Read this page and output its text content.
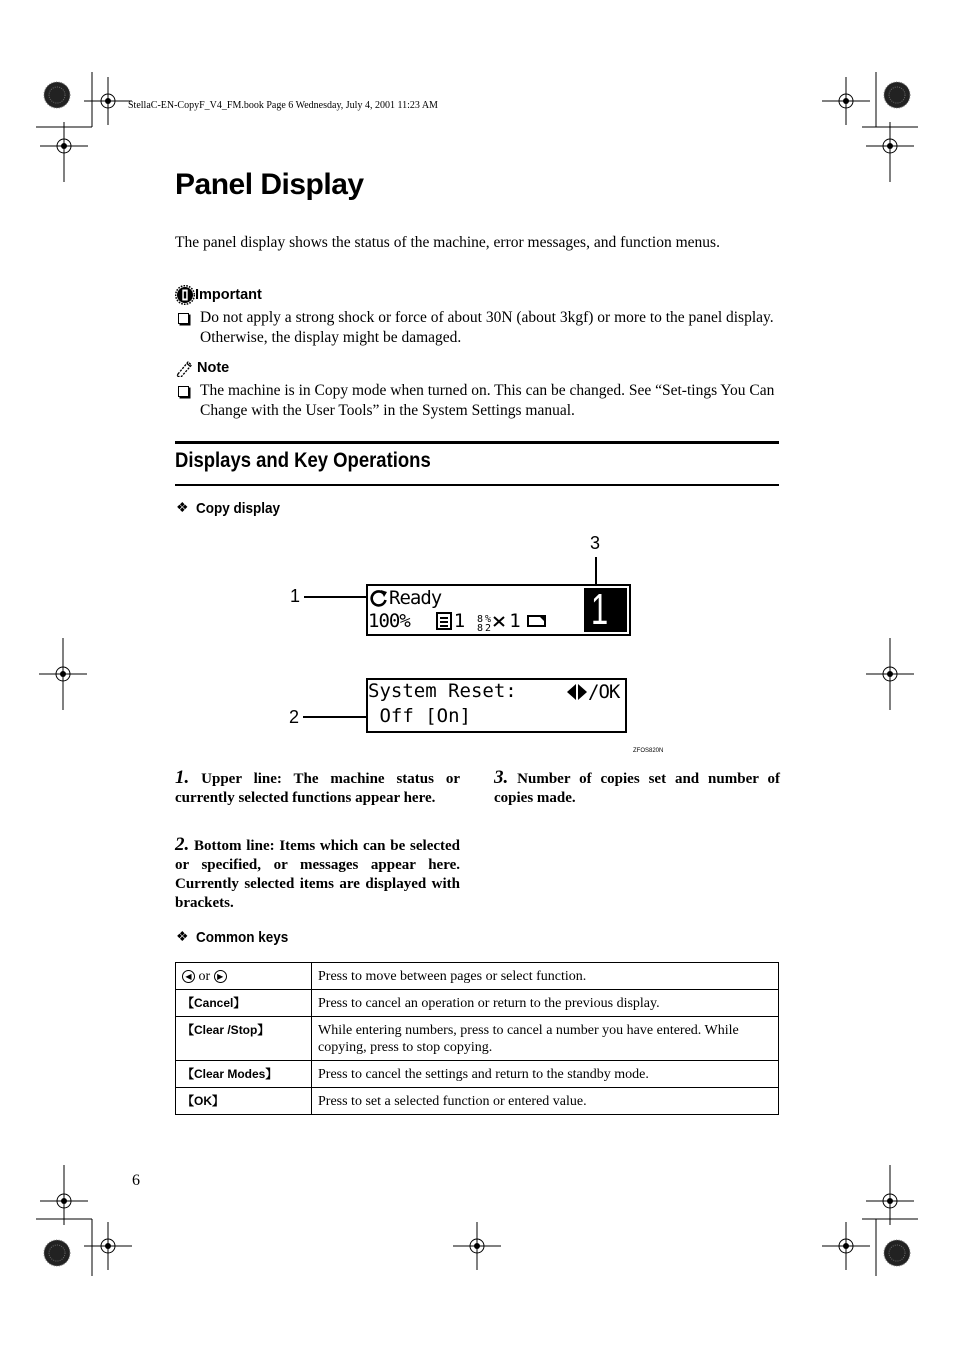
StellaC-EN-CopyF_V4_FM.book Page 6 Wednesday, July 4, 2001 11:23 AM
Panel Display
The panel display shows the status of the machine, error messages, and function menus.
Important
Do not apply a strong shock or force of about 30N (about 3kgf) or more to the panel display. Otherwise, the display might be damaged.
Note
The machine is in Copy mode when turned on. This can be changed. See “Set-tings You Can Change with the User Tools” in the System Settings manual.
Displays and Key Operations
❖ Copy display
3
1
2
Ready
100% 1 8
8
%
2 1 1
System Reset:	/OK
Off [On]
ZFOS820N
1. Upper line: The machine status or currently selected functions appear here.
2. Bottom line: Items which can be selected or specified, or messages appear here. Currently selected items are displayed with brackets.
3. Number of copies set and number of copies made.
❖ Common keys
◀ or ▶	Press to move between pages or select function.
【Cancel】	Press to cancel an operation or return to the previous display.
【Clear /Stop】	While entering numbers, press to cancel a number you have entered. While copying, press to stop copying.
【Clear Modes】	Press to cancel the settings and return to the standby mode.
【OK】	Press to set a selected function or entered value.
6
